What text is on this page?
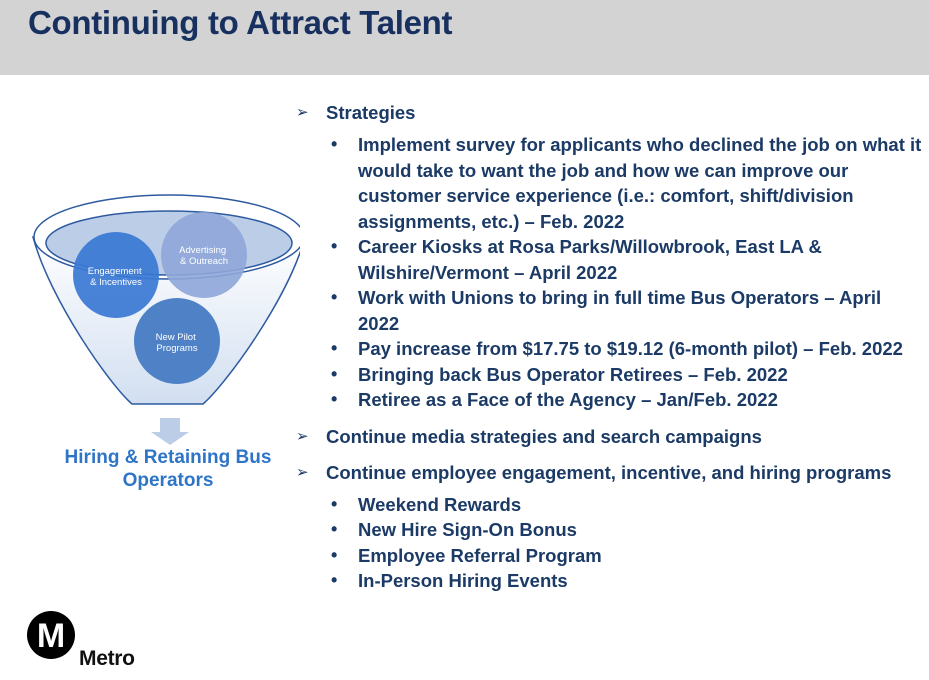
Continuing to Attract Talent
Engagement & Incentives
Advertising & Outreach
New Pilot Programs
Hiring & Retaining Bus Operators
➢ Strategies
• Implement survey for applicants who declined the job on what it would take to want the job and how we can improve our customer service experience (i.e.: comfort, shift/division assignments, etc.) – Feb. 2022
• Career Kiosks at Rosa Parks/Willowbrook, East LA & Wilshire/Vermont – April 2022
• Work with Unions to bring in full time Bus Operators – April 2022
• Pay increase from $17.75 to $19.12 (6-month pilot) – Feb. 2022
• Bringing back Bus Operator Retirees – Feb. 2022
• Retiree as a Face of the Agency – Jan/Feb. 2022
➢ Continue media strategies and search campaigns
➢ Continue employee engagement, incentive, and hiring programs
• Weekend Rewards
• New Hire Sign-On Bonus
• Employee Referral Program
• In-Person Hiring Events
M
Metro
